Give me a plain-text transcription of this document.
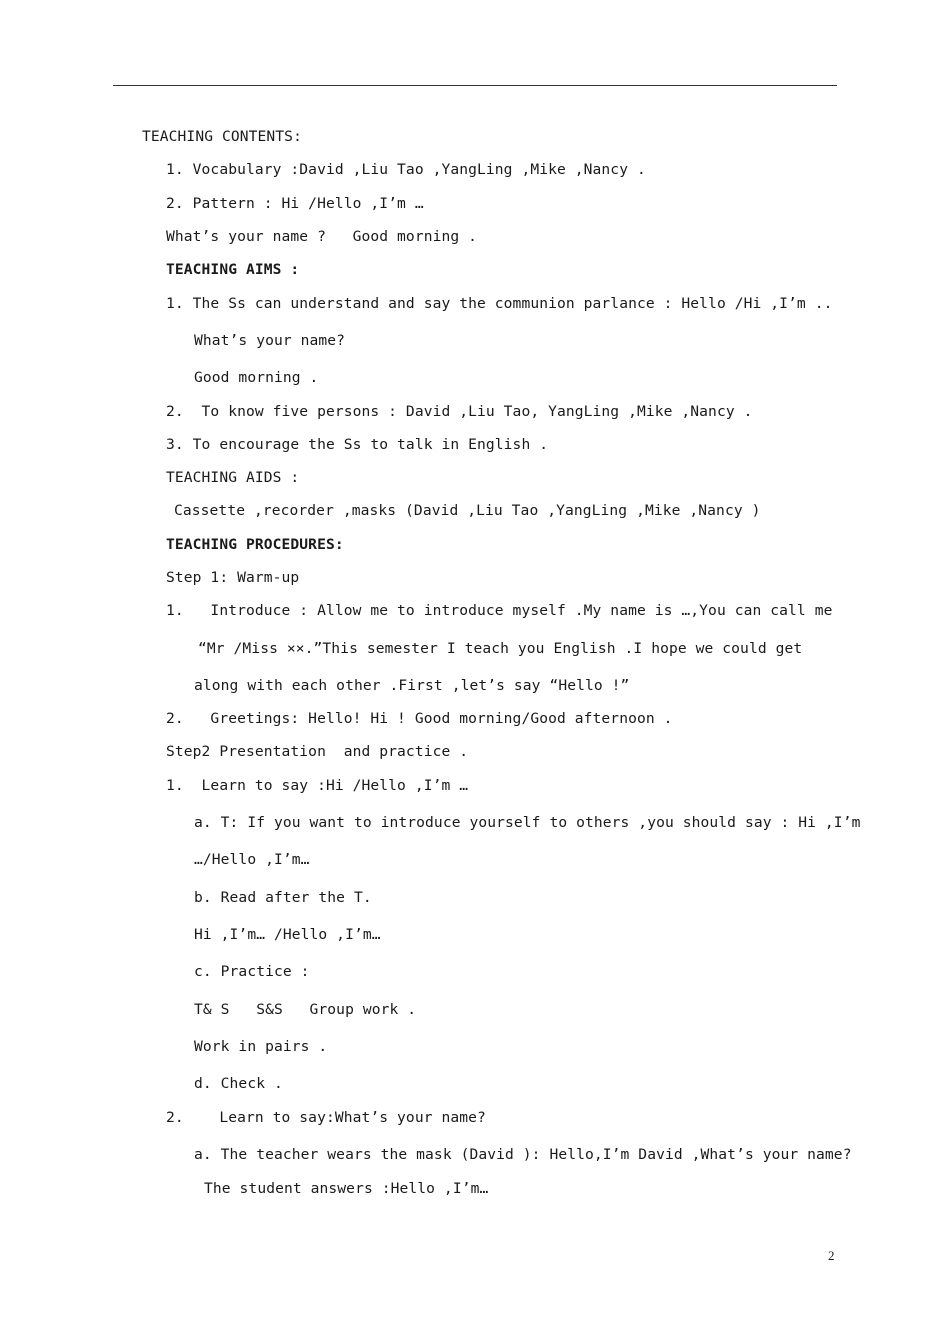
TEACHING CONTENTS:
1. Vocabulary :David ,Liu Tao ,YangLing ,Mike ,Nancy .
2. Pattern : Hi /Hello ,I’m …
What’s your name ?   Good morning .
TEACHING AIMS :
1. The Ss can understand and say the communion parlance : Hello /Hi ,I’m ..
What’s your name?
Good morning .
2.  To know five persons : David ,Liu Tao, YangLing ,Mike ,Nancy .
3. To encourage the Ss to talk in English .
TEACHING AIDS :
Cassette ,recorder ,masks (David ,Liu Tao ,YangLing ,Mike ,Nancy )
TEACHING PROCEDURES:
Step 1: Warm-up
1.   Introduce : Allow me to introduce myself .My name is …,You can call me
“Mr /Miss ××.”This semester I teach you English .I hope we could get
along with each other .First ,let’s say “Hello !”
2.   Greetings: Hello! Hi ! Good morning/Good afternoon .
Step2 Presentation  and practice .
1.  Learn to say :Hi /Hello ,I’m …
a. T: If you want to introduce yourself to others ,you should say : Hi ,I’m
…/Hello ,I’m…
b. Read after the T.
Hi ,I’m… /Hello ,I’m…
c. Practice :
T& S   S&S   Group work .
Work in pairs .
d. Check .
2.    Learn to say:What’s your name?
a. The teacher wears the mask (David ): Hello,I’m David ,What’s your name?
The student answers :Hello ,I’m…
2
